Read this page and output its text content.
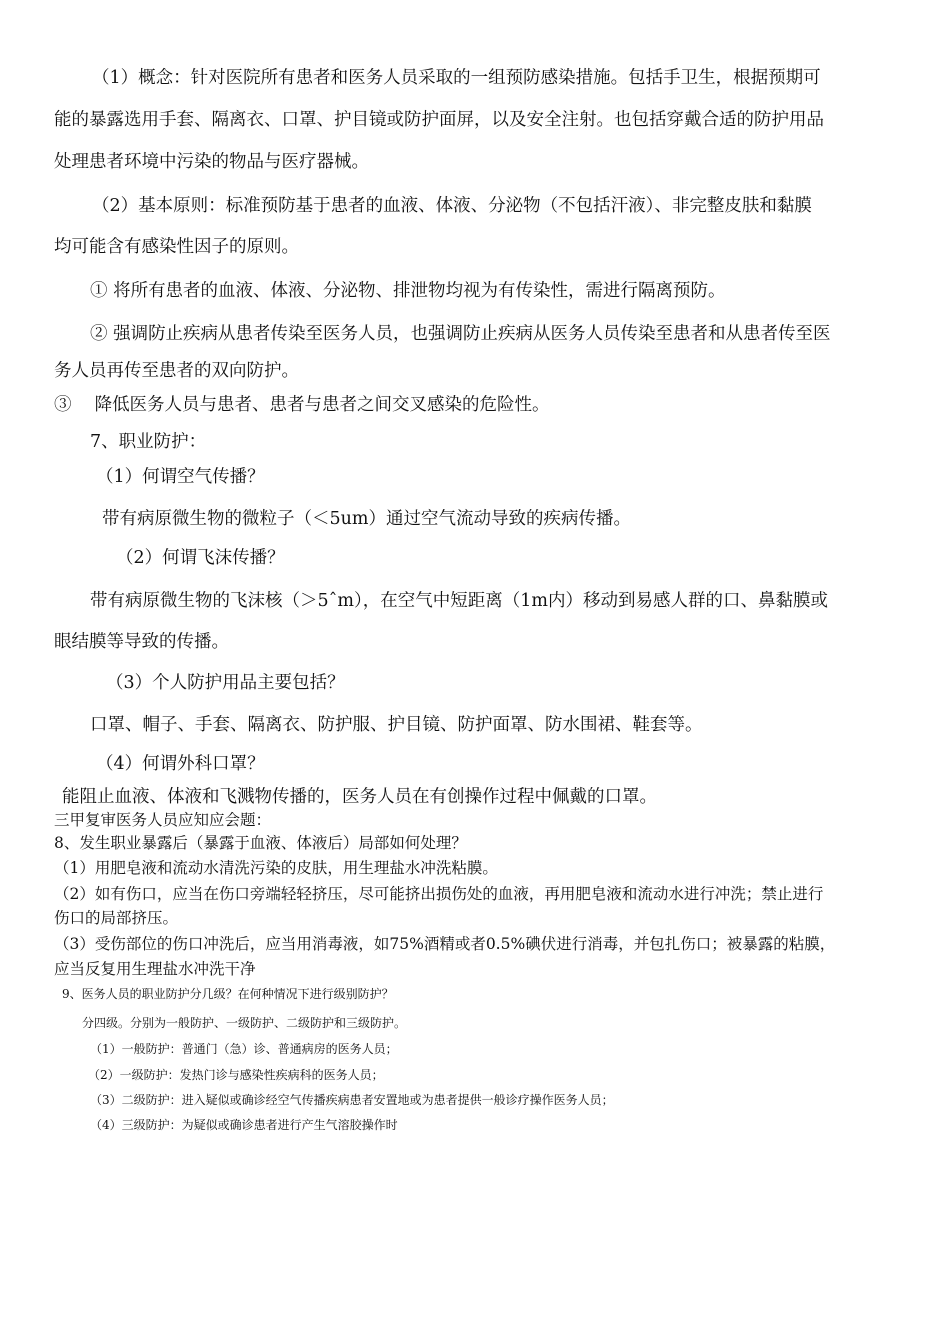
（1）概念：针对医院所有患者和医务人员采取的一组预防感染措施。包括手卫生，根据预期可

能的暴露选用手套、隔离衣、口罩、护目镜或防护面屏，以及安全注射。也包括穿戴合适的防护用品

处理患者环境中污染的物品与医疗器械。

（2）基本原则：标准预防基于患者的血液、体液、分泌物（不包括汗液）、非完整皮肤和黏膜

均可能含有感染性因子的原则。

① 将所有患者的血液、体液、分泌物、排泄物均视为有传染性，需进行隔离预防。

② 强调防止疾病从患者传染至医务人员，也强调防止疾病从医务人员传染至患者和从患者传至医

务人员再传至患者的双向防护。

③　 降低医务人员与患者、患者与患者之间交叉感染的危险性。

7、职业防护：

（1）何谓空气传播？

带有病原微生物的微粒子（＜5um）通过空气流动导致的疾病传播。

（2）何谓飞沫传播？

带有病原微生物的飞沫核（＞5ˆm），在空气中短距离（1m内）移动到易感人群的口、鼻黏膜或

眼结膜等导致的传播。

（3）个人防护用品主要包括？

口罩、帽子、手套、隔离衣、防护服、护目镜、防护面罩、防水围裙、鞋套等。

（4）何谓外科口罩？

能阻止血液、体液和飞溅物传播的，医务人员在有创操作过程中佩戴的口罩。

三甲复审医务人员应知应会题：

8、发生职业暴露后（暴露于血液、体液后）局部如何处理？

（1）用肥皂液和流动水清洗污染的皮肤，用生理盐水冲洗粘膜。

（2）如有伤口，应当在伤口旁端轻轻挤压，尽可能挤出损伤处的血液，再用肥皂液和流动水进行冲洗；禁止进行

伤口的局部挤压。

（3）受伤部位的伤口冲洗后，应当用消毒液，如75%酒精或者0.5%碘伏进行消毒，并包扎伤口；被暴露的粘膜，

应当反复用生理盐水冲洗干净

9、医务人员的职业防护分几级？在何种情况下进行级别防护？

分四级。分别为一般防护、一级防护、二级防护和三级防护。

（1）一般防护：普通门（急）诊、普通病房的医务人员；

（2）一级防护：发热门诊与感染性疾病科的医务人员；

（3）二级防护：进入疑似或确诊经空气传播疾病患者安置地或为患者提供一般诊疗操作医务人员；

（4）三级防护：为疑似或确诊患者进行产生气溶胶操作时
